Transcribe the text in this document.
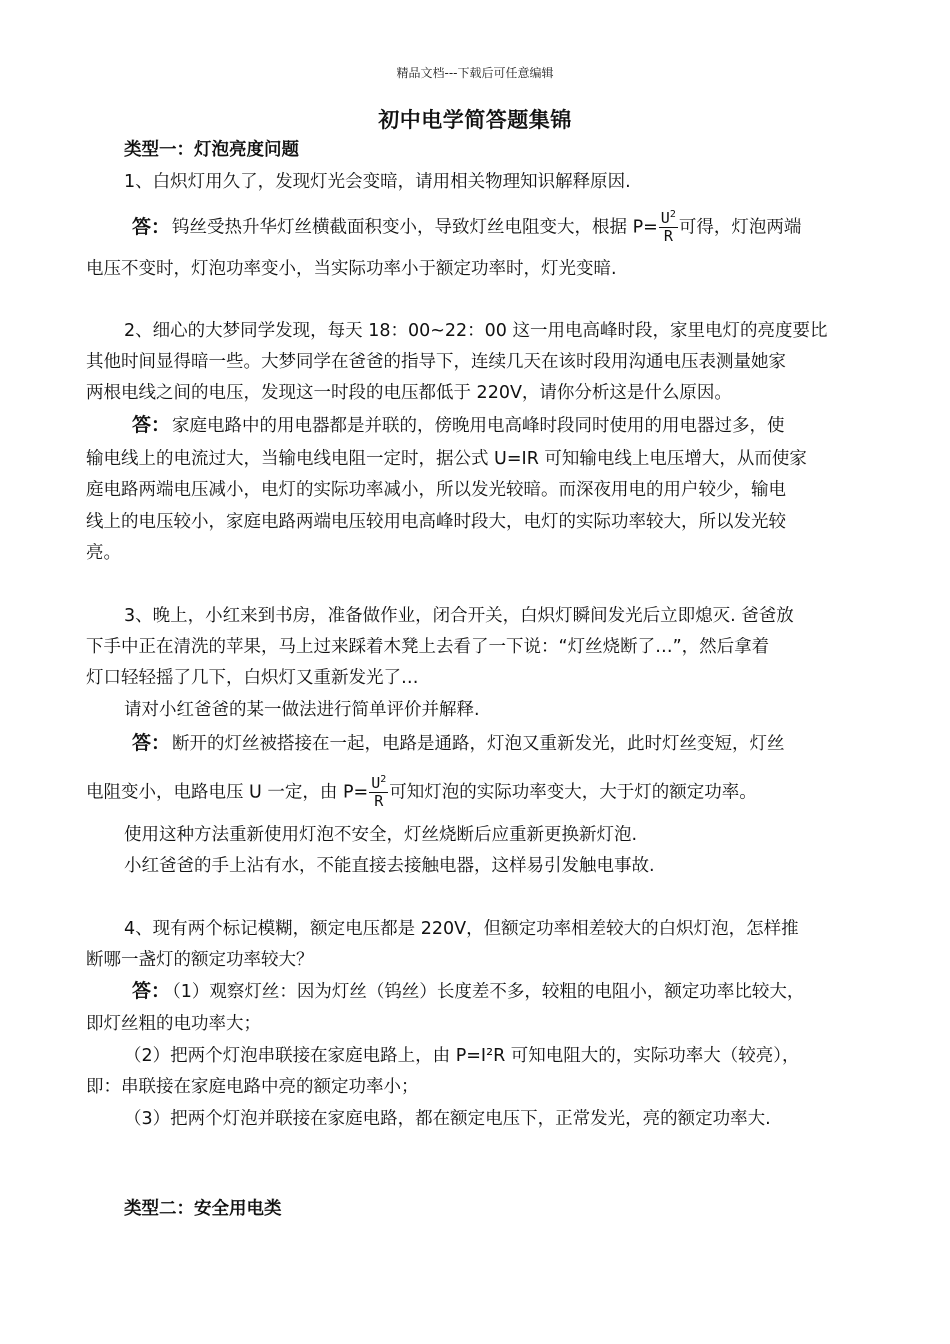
精品文档---下载后可任意编辑
初中电学简答题集锦
类型一：灯泡亮度问题
1、白炽灯用久了，发现灯光会变暗，请用相关物理知识解释原因.
答： 钨丝受热升华灯丝横截面积变小，导致灯丝电阻变大，根据 $P= \frac{U^2}{R}$ 可得，灯泡两端
电压不变时，灯泡功率变小，当实际功率小于额定功率时，灯光变暗.
2、细心的大梦同学发现，每天 18：00~22：00 这一用电高峰时段，家里电灯的亮度要比
其他时间显得暗一些。大梦同学在爸爸的指导下，连续几天在该时段用沟通电压表测量她家
两根电线之间的电压，发现这一时段的电压都低于 220V，请你分析这是什么原因。
答： 家庭电路中的用电器都是并联的，傍晚用电高峰时段同时使用的用电器过多，使
输电线上的电流过大，当输电线电阻一定时，据公式 U=IR 可知输电线上电压增大，从而使家
庭电路两端电压减小，电灯的实际功率减小，所以发光较暗。而深夜用电的用户较少，输电
线上的电压较小，家庭电路两端电压较用电高峰时段大，电灯的实际功率较大，所以发光较
亮。
3、晚上，小红来到书房，准备做作业，闭合开关，白炽灯瞬间发光后立即熄灭. 爸爸放
下手中正在清洗的苹果，马上过来踩着木凳上去看了一下说：“灯丝烧断了…”，然后拿着
灯口轻轻摇了几下，白炽灯又重新发光了…
请对小红爸爸的某一做法进行简单评价并解释.
答： 断开的灯丝被搭接在一起，电路是通路，灯泡又重新发光，此时灯丝变短，灯丝
电阻变小，电路电压 U 一定，由 $P= \frac{U^2}{R}$ 可知灯泡的实际功率变大，大于灯的额定功率。
使用这种方法重新使用灯泡不安全，灯丝烧断后应重新更换新灯泡.
小红爸爸的手上沾有水，不能直接去接触电器，这样易引发触电事故.
4、现有两个标记模糊，额定电压都是 220V，但额定功率相差较大的白炽灯泡，怎样推
断哪一盏灯的额定功率较大？
答： （1）观察灯丝：因为灯丝（钨丝）长度差不多，较粗的电阻小，额定功率比较大，
即灯丝粗的电功率大；
（2）把两个灯泡串联接在家庭电路上，由 P=I²R 可知电阻大的，实际功率大（较亮），
即：串联接在家庭电路中亮的额定功率小；
（3）把两个灯泡并联接在家庭电路，都在额定电压下，正常发光，亮的额定功率大.
类型二：安全用电类
